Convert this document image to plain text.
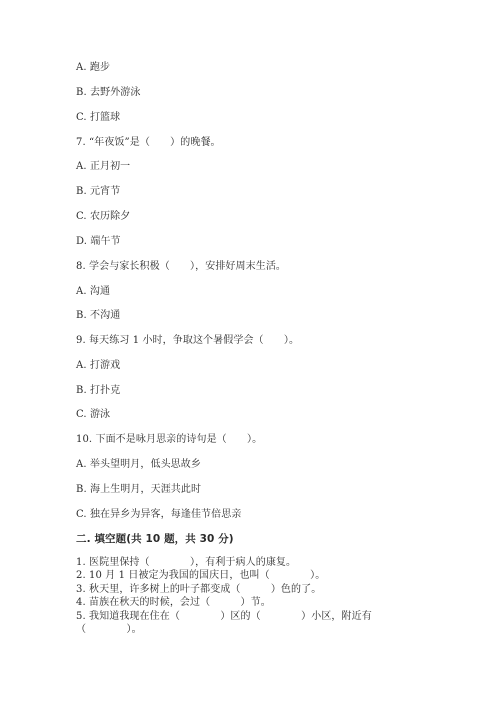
A. 跑步
B. 去野外游泳
C. 打篮球
7. “年夜饭”是（　　）的晚餐。
A. 正月初一
B. 元宵节
C. 农历除夕
D. 端午节
8. 学会与家长积极（　　），安排好周末生活。
A. 沟通
B. 不沟通
9. 每天练习 1 小时，争取这个暑假学会（　　）。
A. 打游戏
B. 打扑克
C. 游泳
10. 下面不是咏月思亲的诗句是（　　）。
A. 举头望明月，低头思故乡
B. 海上生明月，天涯共此时
C. 独在异乡为异客，每逢佳节倍思亲
二. 填空题(共 10 题，共 30 分)
1. 医院里保持（　　　　），有利于病人的康复。
2. 10 月 1 日被定为我国的国庆日，也叫（　　　　）。
3. 秋天里，许多树上的叶子都变成（　　　）色的了。
4. 苗族在秋天的时候，会过（　　　）节。
5. 我知道我现在住在（　　　　）区的（　　　　）小区，附近有
（　　　　）。
